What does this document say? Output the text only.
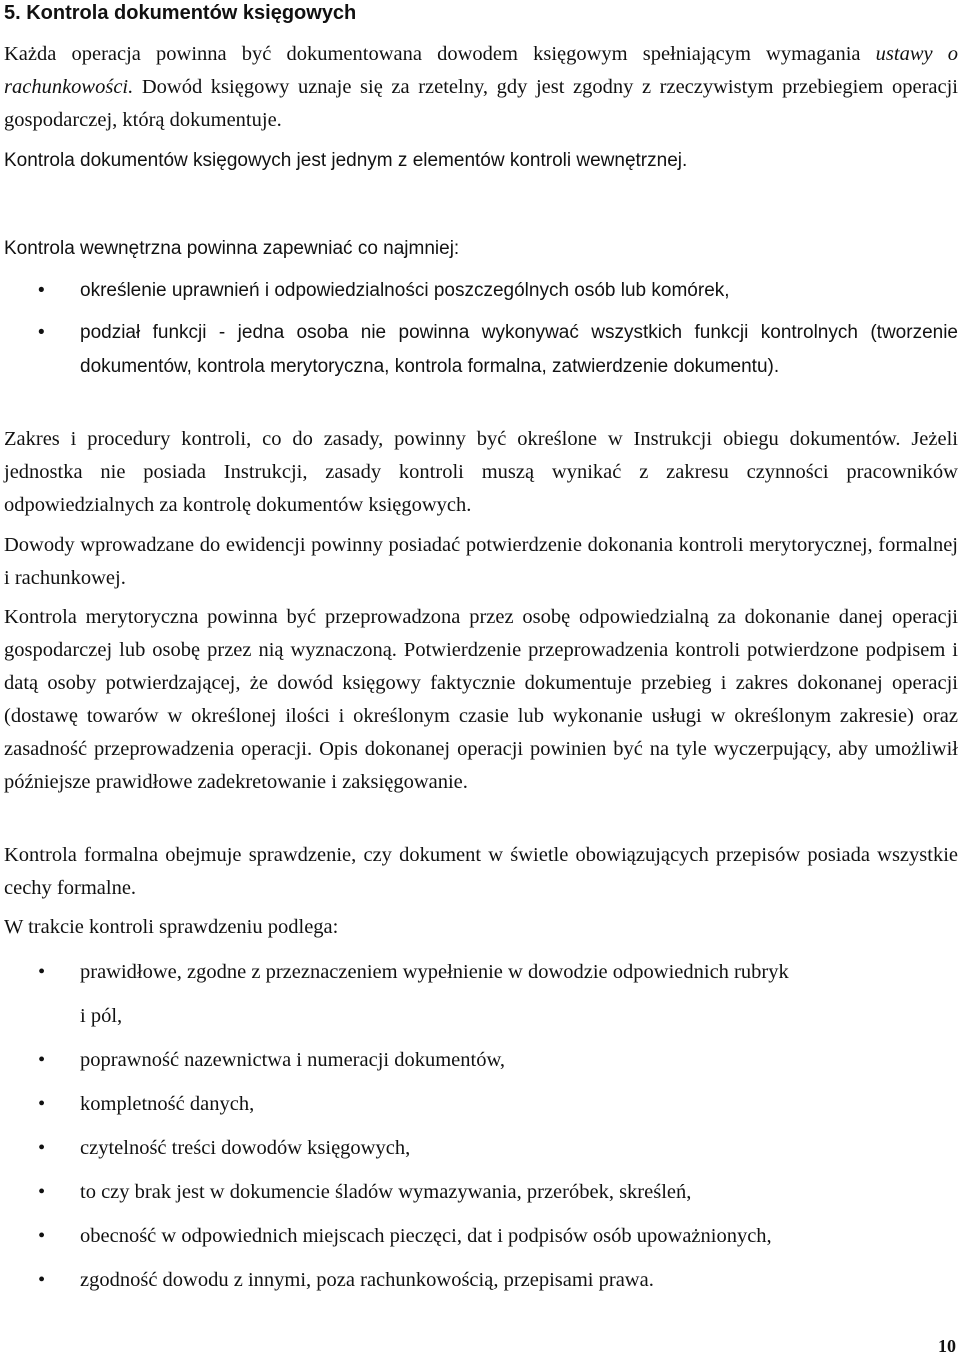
5. Kontrola dokumentów księgowych

Każda operacja powinna być dokumentowana dowodem księgowym spełniającym wymagania ustawy o rachunkowości. Dowód księgowy uznaje się za rzetelny, gdy jest zgodny z rzeczywistym przebiegiem operacji gospodarczej, którą dokumentuje.

Kontrola dokumentów księgowych jest jednym z elementów kontroli wewnętrznej.

Kontrola wewnętrzna powinna zapewniać co najmniej:

• określenie uprawnień i odpowiedzialności poszczególnych osób lub komórek,
• podział funkcji - jedna osoba nie powinna wykonywać wszystkich funkcji kontrolnych (tworzenie dokumentów, kontrola merytoryczna, kontrola formalna, zatwierdzenie dokumentu).

Zakres i procedury kontroli, co do zasady, powinny być określone w Instrukcji obiegu dokumentów. Jeżeli jednostka nie posiada Instrukcji, zasady kontroli muszą wynikać z zakresu czynności pracowników odpowiedzialnych za kontrolę dokumentów księgowych.

Dowody wprowadzane do ewidencji powinny posiadać potwierdzenie dokonania kontroli merytorycznej, formalnej i rachunkowej.

Kontrola merytoryczna powinna być przeprowadzona przez osobę odpowiedzialną za dokonanie danej operacji gospodarczej lub osobę przez nią wyznaczoną. Potwierdzenie przeprowadzenia kontroli potwierdzone podpisem i datą osoby potwierdzającej, że dowód księgowy faktycznie dokumentuje przebieg i zakres dokonanej operacji (dostawę towarów w określonej ilości i określonym czasie lub wykonanie usługi w określonym zakresie) oraz zasadność przeprowadzenia operacji. Opis dokonanej operacji powinien być na tyle wyczerpujący, aby umożliwił późniejsze prawidłowe zadekretowanie i zaksięgowanie.

Kontrola formalna obejmuje sprawdzenie, czy dokument w świetle obowiązujących przepisów posiada wszystkie cechy formalne.

W trakcie kontroli sprawdzeniu podlega:

• prawidłowe, zgodne z przeznaczeniem wypełnienie w dowodzie odpowiednich rubryk
i pól,
• poprawność nazewnictwa i numeracji dokumentów,
• kompletność danych,
• czytelność treści dowodów księgowych,
• to czy brak jest w dokumencie śladów wymazywania, przeróbek, skreśleń,
• obecność w odpowiednich miejscach pieczęci, dat i podpisów osób upoważnionych,
• zgodność dowodu z innymi, poza rachunkowością, przepisami prawa.

10
